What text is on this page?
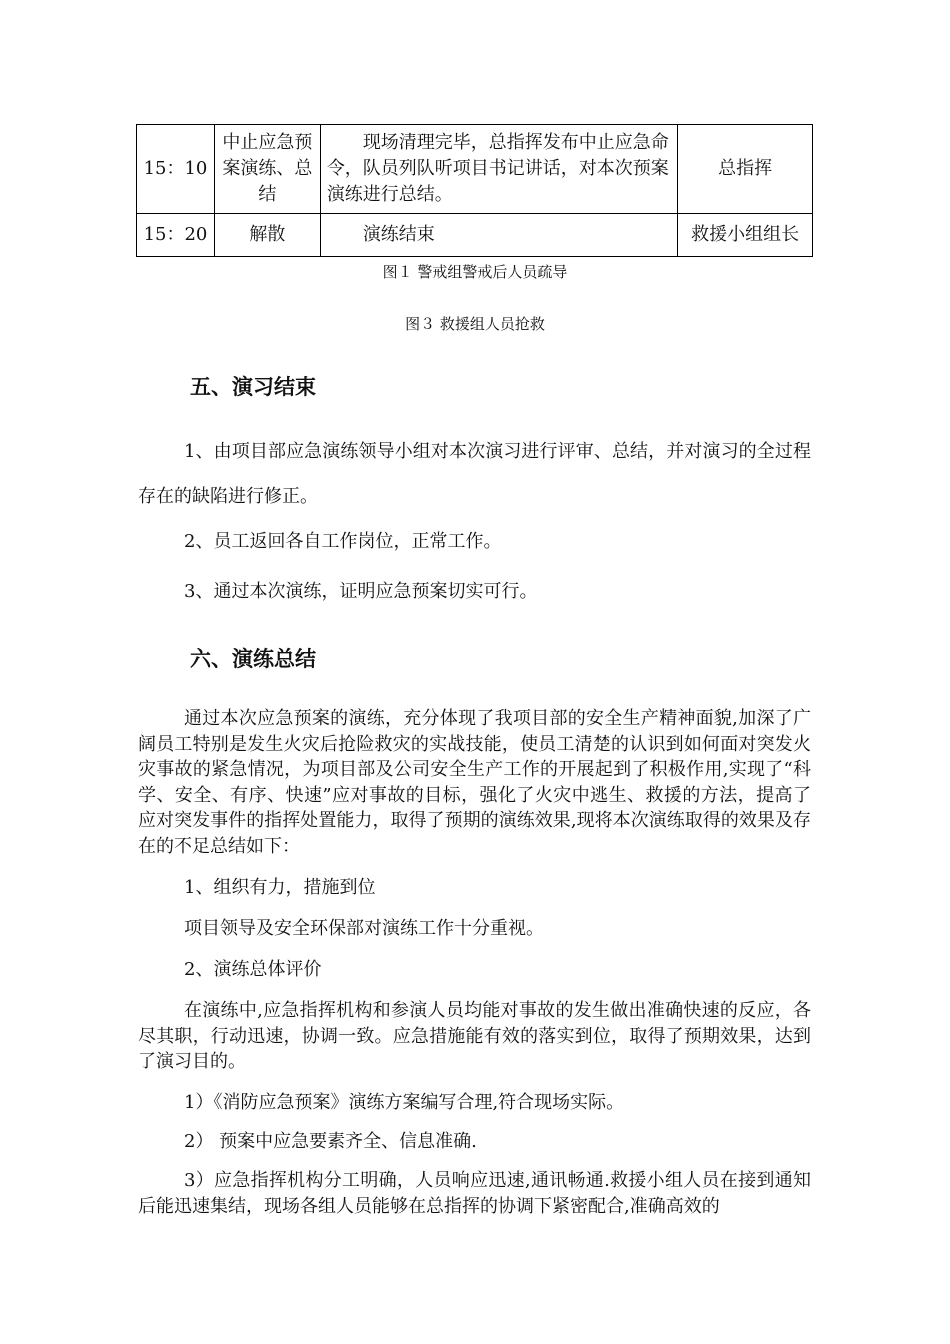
15：10	中止应急预案演练、总结	现场清理完毕，总指挥发布中止应急命令，队员列队听项目书记讲话，对本次预案演练进行总结。	总指挥
15：20	解散	演练结束	救援小组组长
图１ 警戒组警戒后人员疏导
图３ 救援组人员抢救
五、演习结束
1、由项目部应急演练领导小组对本次演习进行评审、总结，并对演习的全过程存在的缺陷进行修正。
2、员工返回各自工作岗位，正常工作。
3、通过本次演练，证明应急预案切实可行。
六、演练总结
通过本次应急预案的演练，充分体现了我项目部的安全生产精神面貌,加深了广阔员工特别是发生火灾后抢险救灾的实战技能，使员工清楚的认识到如何面对突发火灾事故的紧急情况，为项目部及公司安全生产工作的开展起到了积极作用,实现了“科学、安全、有序、快速”应对事故的目标，强化了火灾中逃生、救援的方法，提高了应对突发事件的指挥处置能力，取得了预期的演练效果,现将本次演练取得的效果及存在的不足总结如下：
1、组织有力，措施到位
项目领导及安全环保部对演练工作十分重视。
2、演练总体评价
在演练中,应急指挥机构和参演人员均能对事故的发生做出准确快速的反应，各尽其职，行动迅速，协调一致。应急措施能有效的落实到位，取得了预期效果，达到了演习目的。
1）《消防应急预案》演练方案编写合理,符合现场实际。
2） 预案中应急要素齐全、信息准确.
3）应急指挥机构分工明确，人员响应迅速,通讯畅通.救援小组人员在接到通知后能迅速集结，现场各组人员能够在总指挥的协调下紧密配合,准确高效的
